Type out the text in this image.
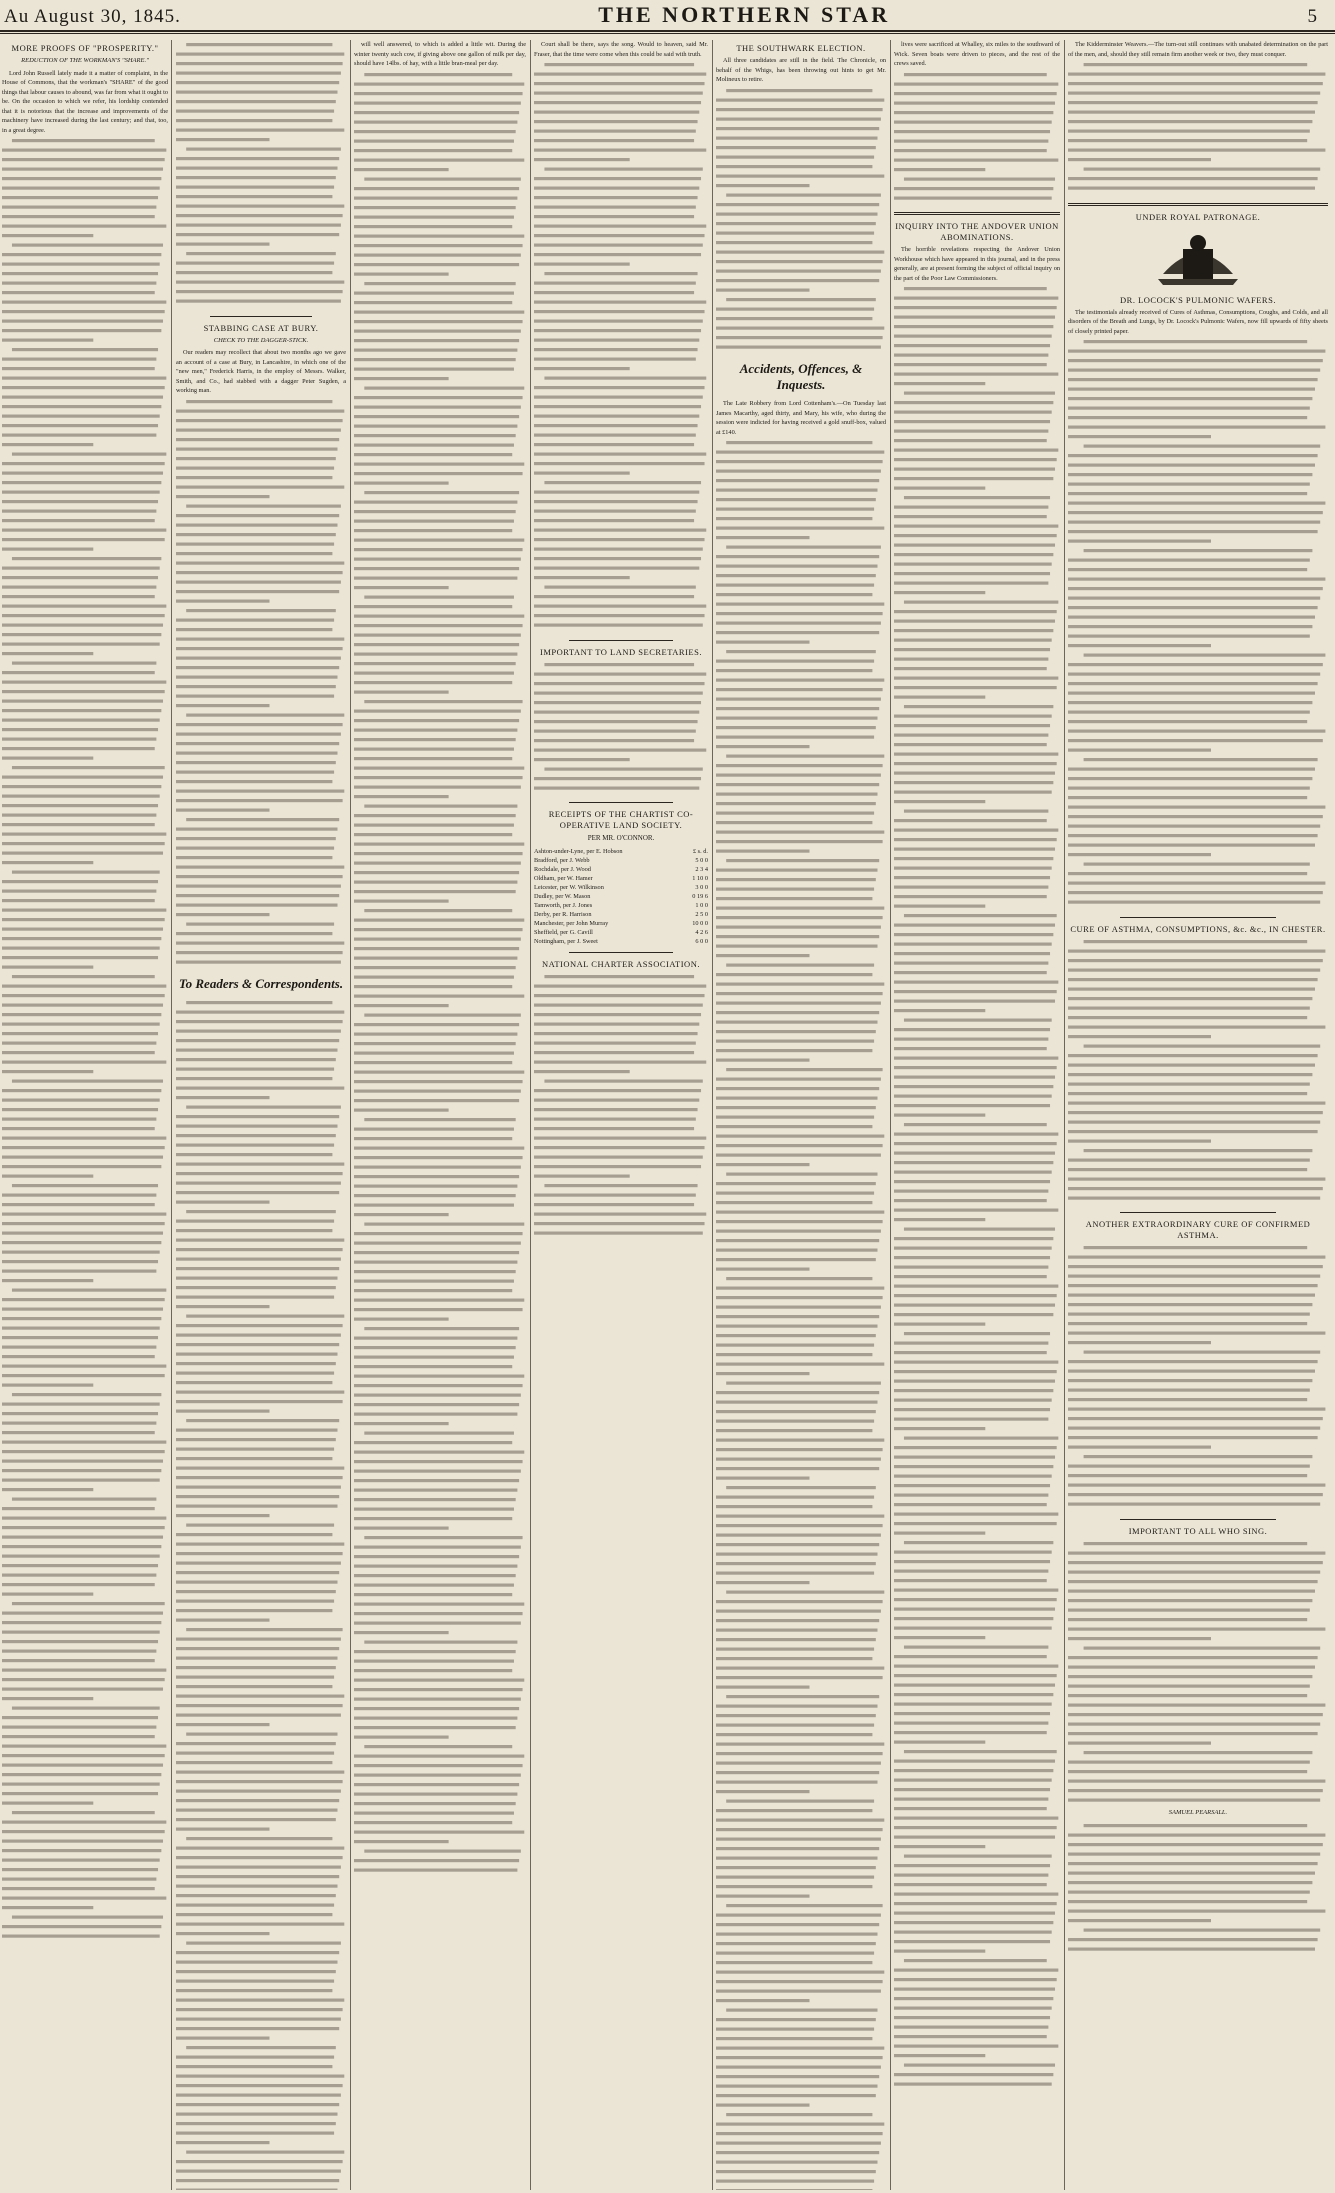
Au August 30, 1845.	THE NORTHERN STAR	5
MORE PROOFS OF "PROSPERITY."
REDUCTION OF THE WORKMAN'S "SHARE."

Lord John Russell lately made it a matter of complaint, in the House of Commons, that the workman's "SHARE" of the good things that labour causes to abound, was far from what it ought to be. On the occasion to which we refer, his lordship contended that it is notorious that the increase and improvements of the machinery have increased during the last century; and that, too, in a great degree.

STABBING CASE AT BURY.
CHECK TO THE DAGGER-STICK.

Our readers may recollect that about two months ago we gave an account of a case at Bury, in Lancashire, in which one of the "new men," Frederick Harris, in the employ of Messrs. Walker, Smith, and Co., had stabbed with a dagger Peter Sugden, a working man.

To Readers & Correspondents.

will well answered, to which is added a little wit. During the winter twenty such cow, if giving above one gallon of milk per day, should have 14lbs. of hay, with a little bran-meal per day.

Court shall be there, says the song. Would to heaven, said Mr. Fraser, that the time were come when this could be said with truth.

IMPORTANT TO LAND SECRETARIES.
RECEIPTS OF THE CHARTIST CO-OPERATIVE LAND SOCIETY.
PER MR. O'CONNOR.
Ashton-under-Lyne, per E. Hobson	£ s. d.
Bradford, per J. Webb	5 0 0
Rochdale, per J. Wood	2 3 4
Oldham, per W. Hamer	1 10 0
Leicester, per W. Wilkinson	3 0 0
Dudley, per W. Mason	0 19 6
Tamworth, per J. Jones	1 0 0
Derby, per R. Harrison	2 5 0
Manchester, per John Murray	10 0 0
Sheffield, per G. Cavill	4 2 6
Nottingham, per J. Sweet	6 0 0
NATIONAL CHARTER ASSOCIATION.
THE SOUTHWARK ELECTION.

All three candidates are still in the field. The Chronicle, on behalf of the Whigs, has been throwing out hints to get Mr. Molineux to retire.

Accidents, Offences, & Inquests.

The Late Robbery from Lord Cottenham's.—On Tuesday last James Macarthy, aged thirty, and Mary, his wife, who during the session were indicted for having received a gold snuff-box, valued at £140.

lives were sacrificed at Whalley, six miles to the southward of Wick. Seven boats were driven to pieces, and the rest of the crews saved.

INQUIRY INTO THE ANDOVER UNION ABOMINATIONS.

The horrible revelations respecting the Andover Union Workhouse which have appeared in this journal, and in the press generally, are at present forming the subject of official inquiry on the part of the Poor Law Commissioners.

The Kidderminster Weavers.—The turn-out still continues with unabated determination on the part of the men, and, should they still remain firm another week or two, they must conquer.

UNDER ROYAL PATRONAGE.
DR. LOCOCK'S PULMONIC WAFERS.

The testimonials already received of Cures of Asthmas, Consumptions, Coughs, and Colds, and all disorders of the Breath and Lungs, by Dr. Locock's Pulmonic Wafers, now fill upwards of fifty sheets of closely printed paper.

CURE OF ASTHMA, CONSUMPTIONS, &c. &c., IN CHESTER.
ANOTHER EXTRAORDINARY CURE OF CONFIRMED ASTHMA.
IMPORTANT TO ALL WHO SING.
SAMUEL PEARSALL.
